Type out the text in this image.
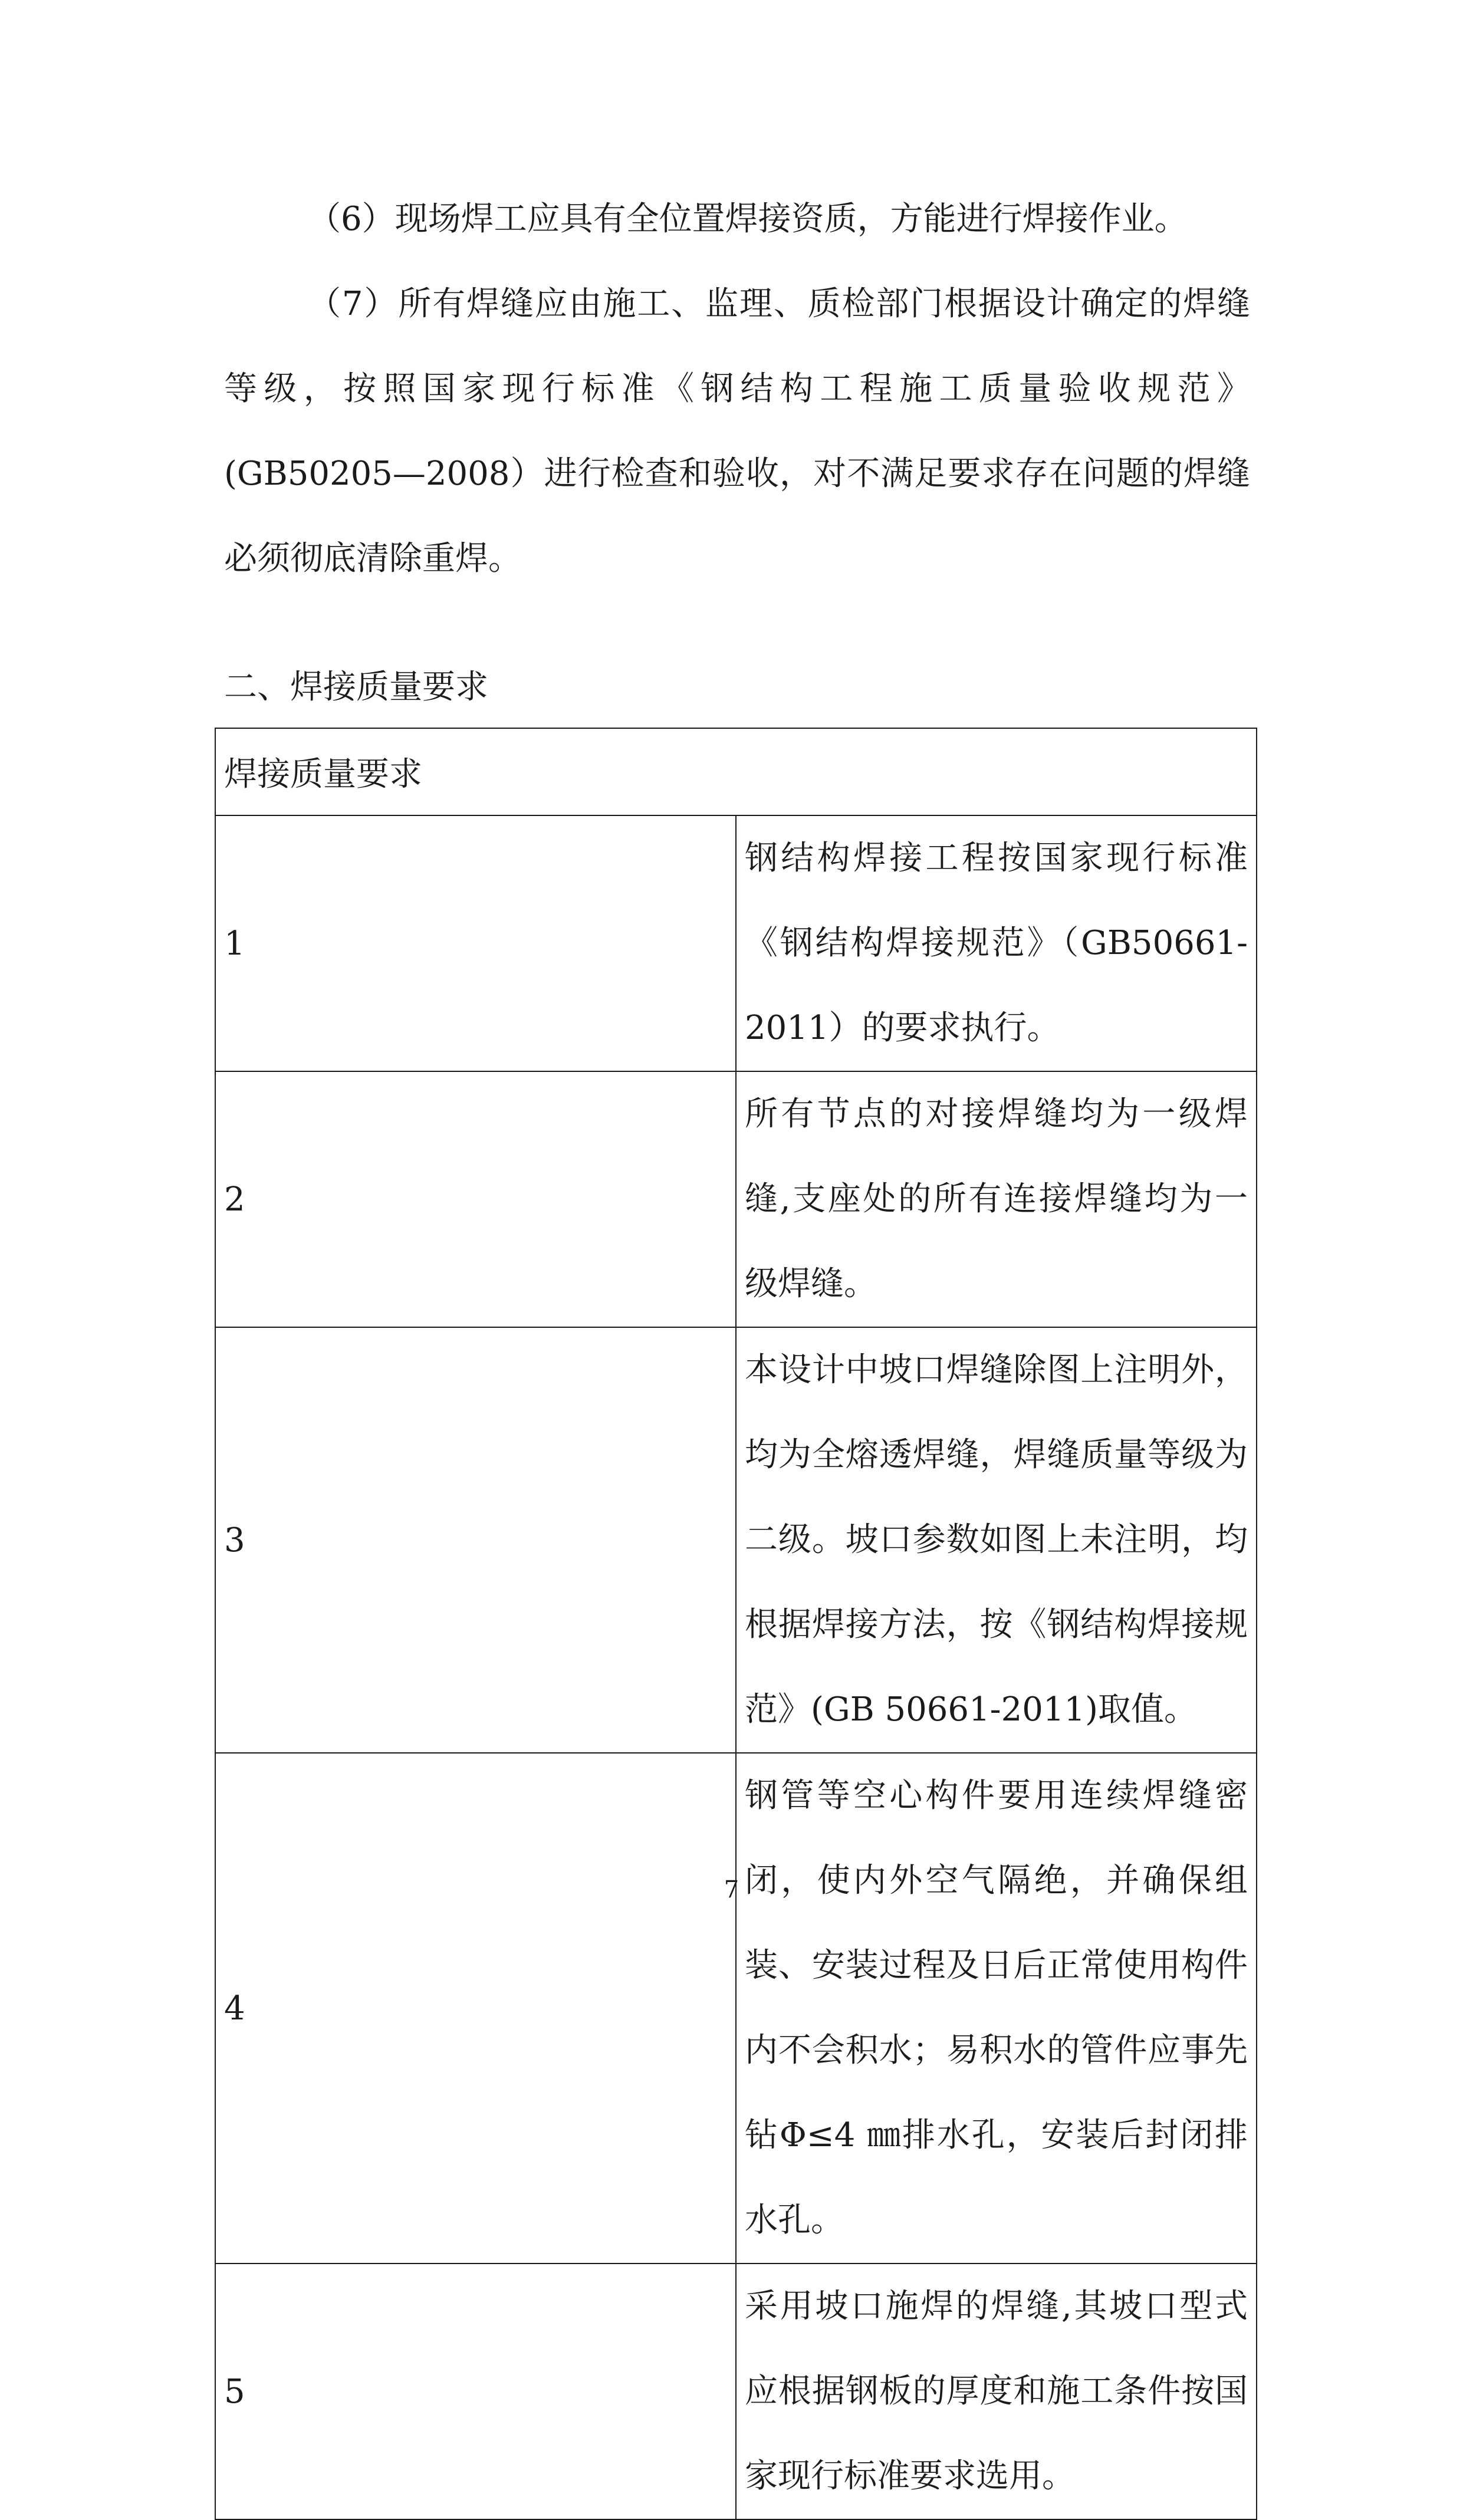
（6）现场焊工应具有全位置焊接资质，方能进行焊接作业。

（7）所有焊缝应由施工、监理、质检部门根据设计确定的焊缝等级，按照国家现行标准《钢结构工程施工质量验收规范》(GB50205—2008）进行检查和验收，对不满足要求存在问题的焊缝必须彻底清除重焊。

二、焊接质量要求

焊接质量要求	
1	钢结构焊接工程按国家现行标准《钢结构焊接规范》（GB50661-2011）的要求执行。
2	所有节点的对接焊缝均为一级焊缝,支座处的所有连接焊缝均为一级焊缝。
3	本设计中坡口焊缝除图上注明外，均为全熔透焊缝，焊缝质量等级为二级。坡口参数如图上未注明，均根据焊接方法，按《钢结构焊接规范》(GB 50661-2011)取值。
4	钢管等空心构件要用连续焊缝密闭，使内外空气隔绝，并确保组装、安装过程及日后正常使用构件内不会积水；易积水的管件应事先钻Φ≤4 ㎜排水孔，安装后封闭排水孔。
5	采用坡口施焊的焊缝,其坡口型式应根据钢板的厚度和施工条件按国家现行标准要求选用。
7
